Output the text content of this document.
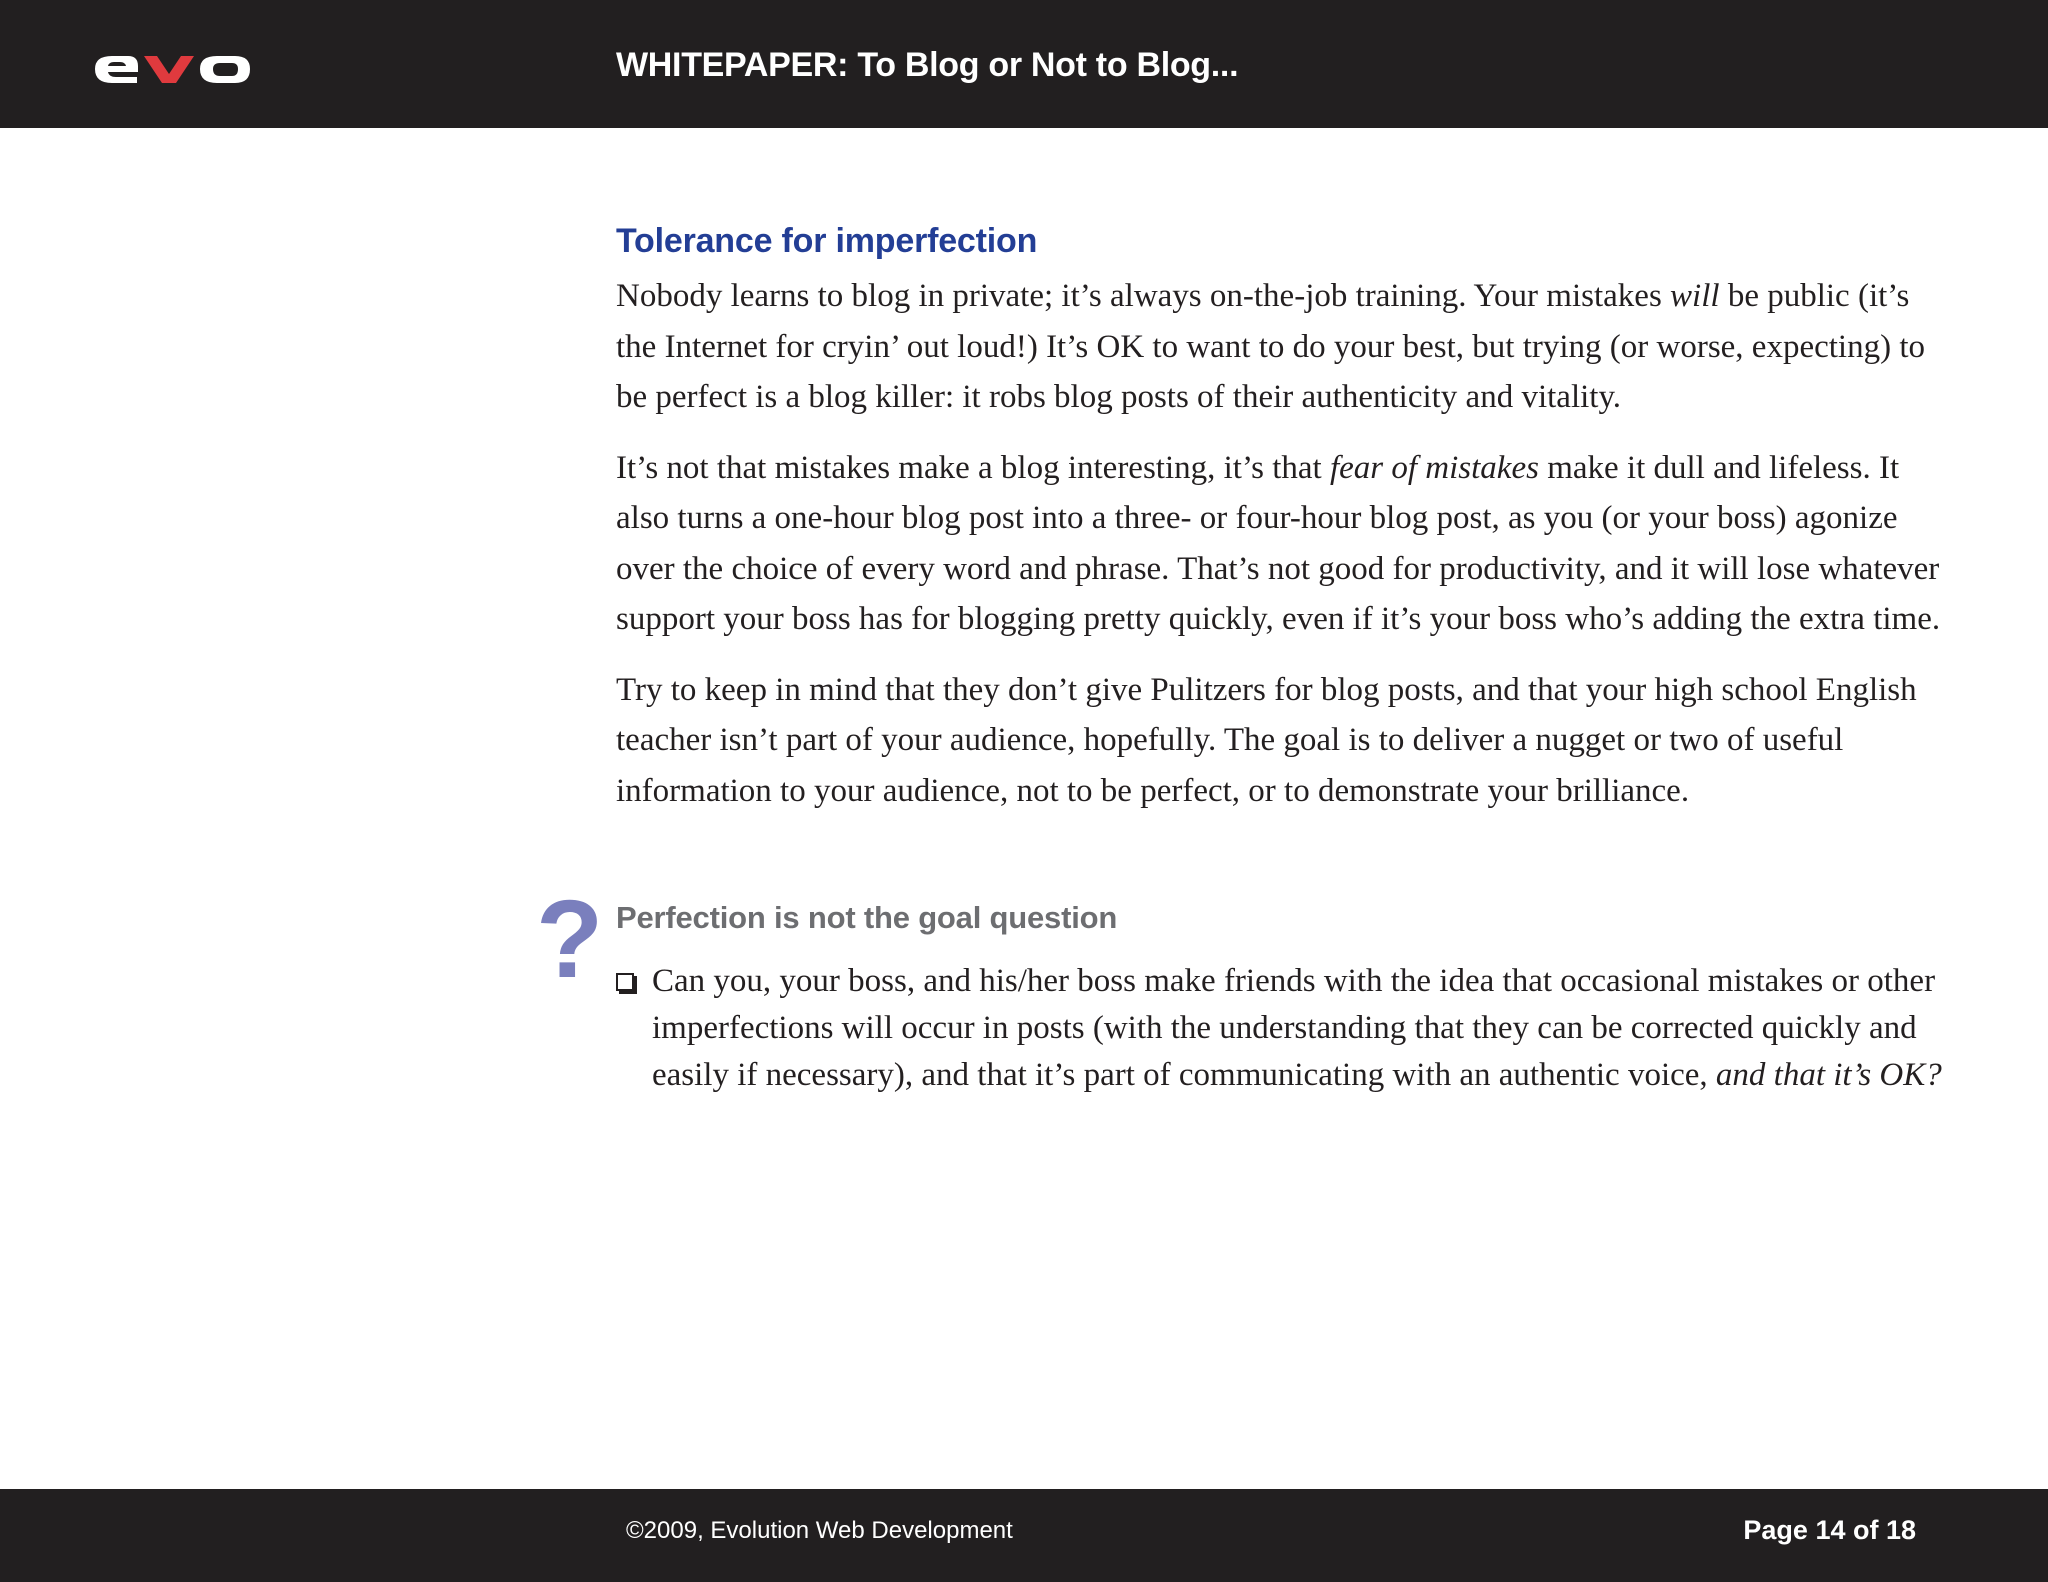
WHITEPAPER: To Blog or Not to Blog...
Tolerance for imperfection

Nobody learns to blog in private; it’s always on-the-job training. Your mistakes will be public (it’s the Internet for cryin’ out loud!) It’s OK to want to do your best, but trying (or worse, expecting) to be perfect is a blog killer: it robs blog posts of their authenticity and vitality.

It’s not that mistakes make a blog interesting, it’s that fear of mistakes make it dull and lifeless. It also turns a one-hour blog post into a three- or four-hour blog post, as you (or your boss) agonize over the choice of every word and phrase. That’s not good for productivity, and it will lose whatever support your boss has for blogging pretty quickly, even if it’s your boss who’s adding the extra time.

Try to keep in mind that they don’t give Pulitzers for blog posts, and that your high school English teacher isn’t part of your audience, hopefully. The goal is to deliver a nugget or two of useful information to your audience, not to be perfect, or to demonstrate your brilliance.

? Perfection is not the goal question
Can you, your boss, and his/her boss make friends with the idea that occasional mistakes or other imperfections will occur in posts (with the understanding that they can be corrected quickly and easily if necessary), and that it’s part of communicating with an authentic voice, and that it’s OK?
©2009, Evolution Web Development	Page 14 of 18
